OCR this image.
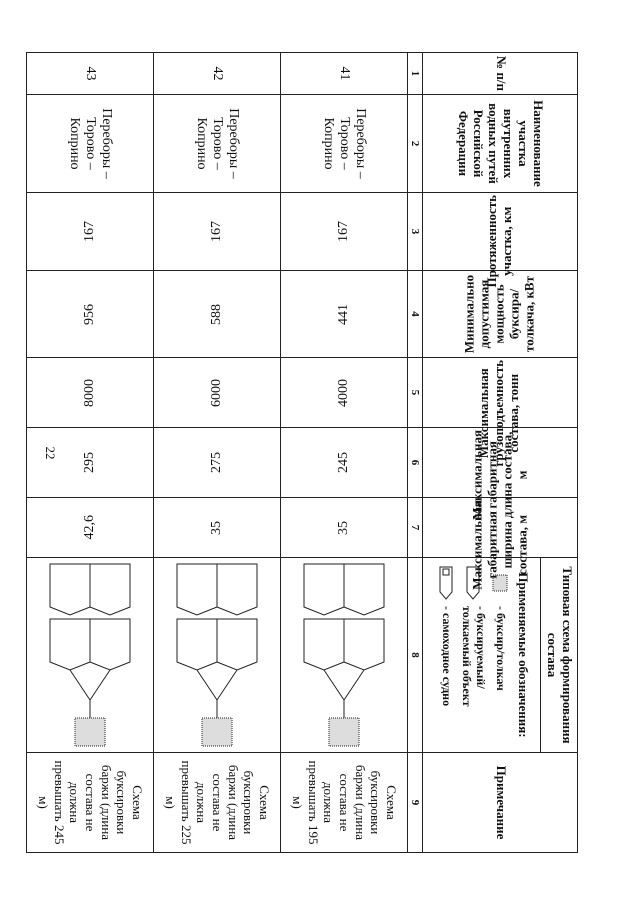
22
№ п/п	Наименование участка внутренних водных путей Российской Федерации	Протяженность участка, км	Минимально допустимая мощность буксира/толкача, кВт	Максимальная грузоподъемность состава, тонн	Максимальная габаритная длина состава, м	Максимальная габаритная ширина состава, м	Типовая схема формирования состава	Примечание

							Применяемые обозначения:
- буксир/толкач
- буксируемый/ толкаемый объект
- самоходное судно	

1	2	3	4	5	6	7	8	9
41	Переборы – Торово – Коприно	167	441	4000	245	35		Схема буксировки баржи (длина состава не должна превышать 195 м)
42	Переборы – Торово – Коприно	167	588	6000	275	35		Схема буксировки баржи (длина состава не должна превышать 225 м)
43	Переборы – Торово – Коприно	167	956	8000	295	42,6		Схема буксировки баржи (длина состава не должна превышать 245 м)
